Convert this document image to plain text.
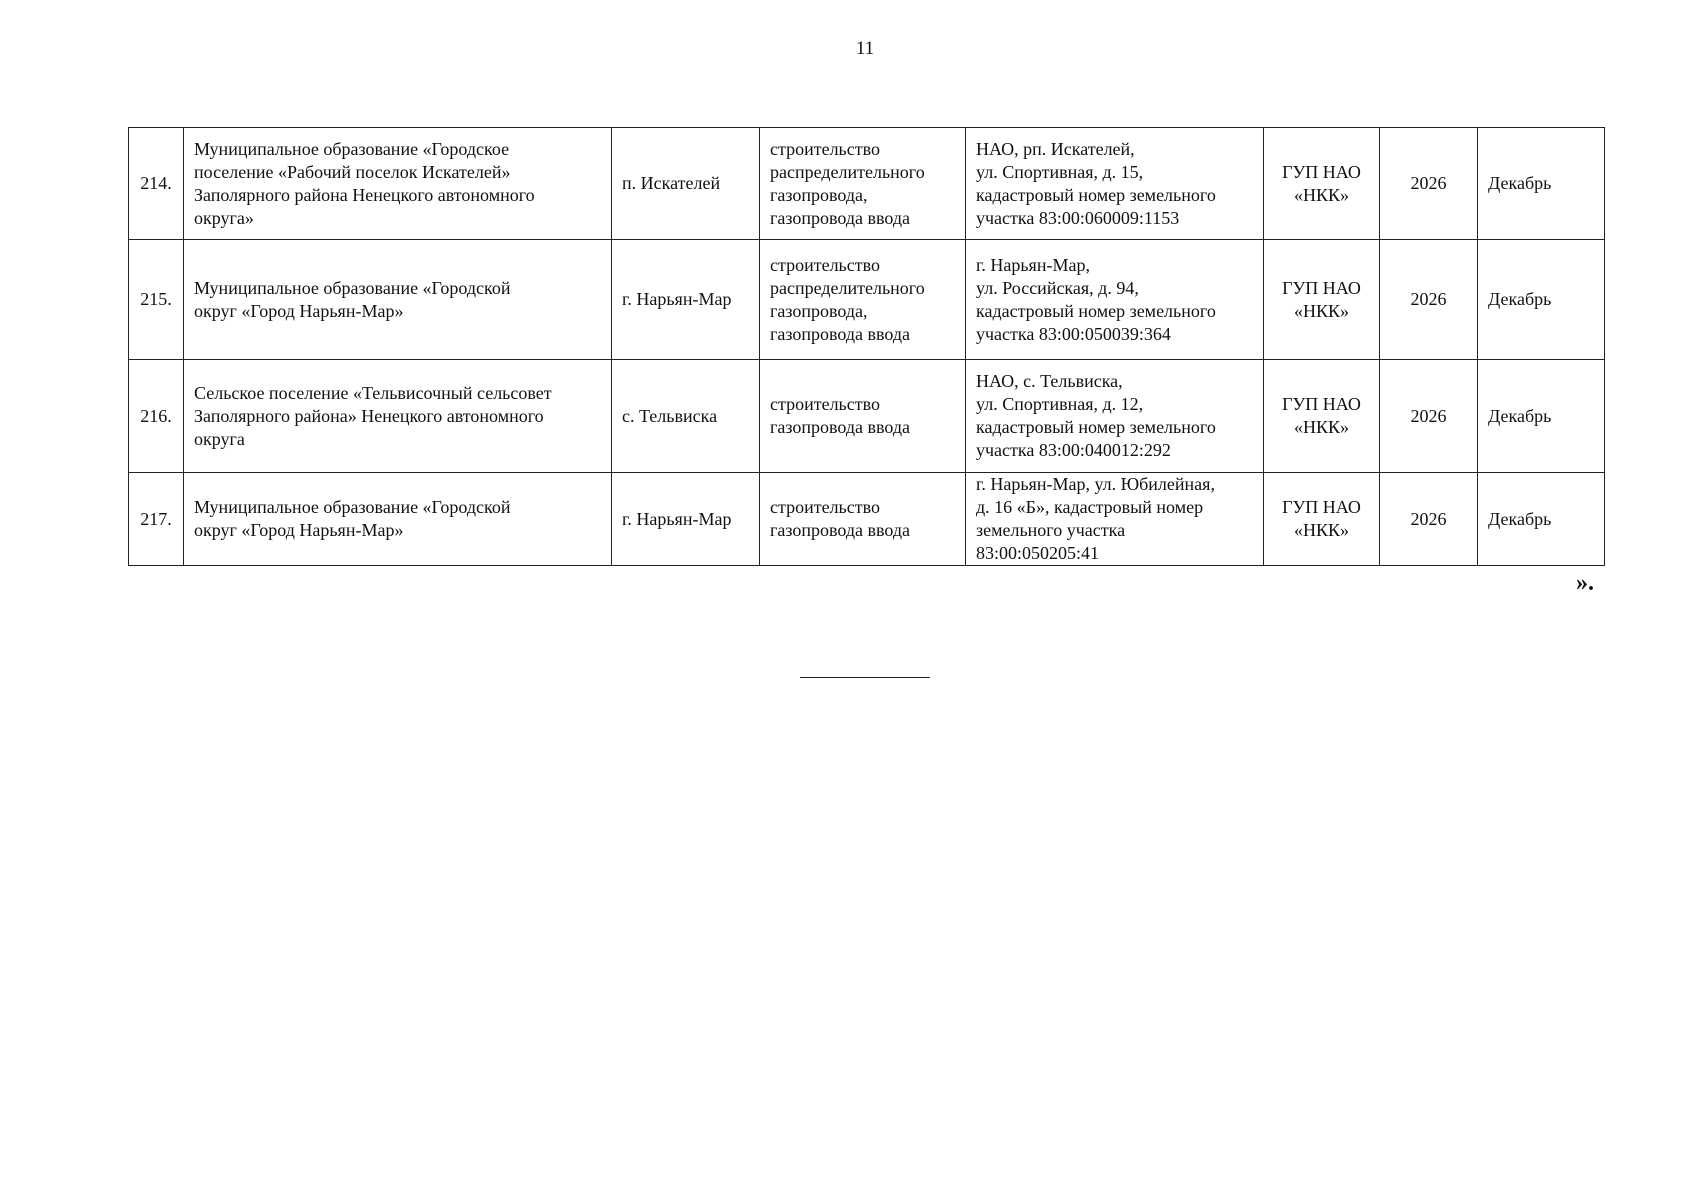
11
214.	Муниципальное образование «Городское
поселение «Рабочий поселок Искателей»
Заполярного района Ненецкого автономного
округа»	п. Искателей	строительство
распределительного
газопровода,
газопровода ввода	НАО, рп. Искателей,
ул. Спортивная, д. 15,
кадастровый номер земельного
участка 83:00:060009:1153	ГУП НАО
«НКК»	2026	Декабрь
215.	Муниципальное образование «Городской
округ «Город Нарьян-Мар»	г. Нарьян-Мар	строительство
распределительного
газопровода,
газопровода ввода	г. Нарьян-Мар,
ул. Российская, д. 94,
кадастровый номер земельного
участка 83:00:050039:364	ГУП НАО
«НКК»	2026	Декабрь
216.	Сельское поселение «Тельвисочный сельсовет
Заполярного района» Ненецкого автономного
округа	с. Тельвиска	строительство
газопровода ввода	НАО, с. Тельвиска,
ул. Спортивная, д. 12,
кадастровый номер земельного
участка 83:00:040012:292	ГУП НАО
«НКК»	2026	Декабрь
217.	Муниципальное образование «Городской
округ «Город Нарьян-Мар»	г. Нарьян-Мар	строительство
газопровода ввода	г. Нарьян-Мар, ул. Юбилейная,
д. 16 «Б», кадастровый номер
земельного участка
83:00:050205:41	ГУП НАО
«НКК»	2026	Декабрь
».
